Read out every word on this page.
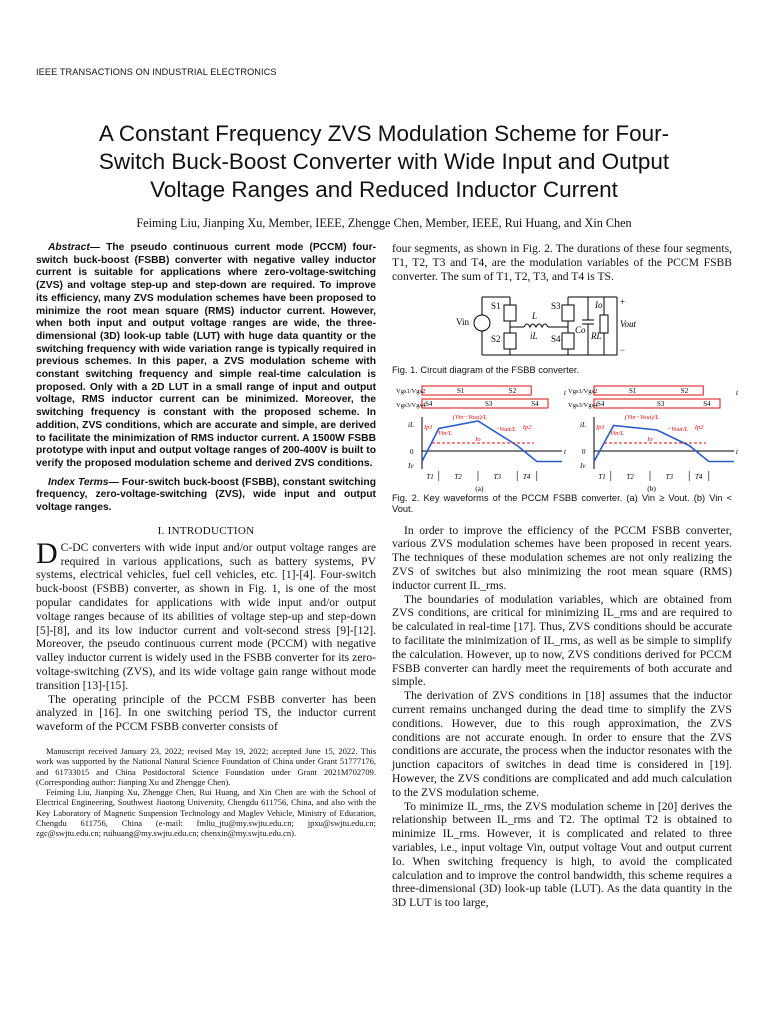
IEEE TRANSACTIONS ON INDUSTRIAL ELECTRONICS
A Constant Frequency ZVS Modulation Scheme for Four-
Switch Buck-Boost Converter with Wide Input and Output
Voltage Ranges and Reduced Inductor Current
Feiming Liu, Jianping Xu, Member, IEEE, Zhengge Chen, Member, IEEE, Rui Huang, and Xin Chen

Abstract— The pseudo continuous current mode (PCCM) four-switch buck-boost (FSBB) converter with negative valley inductor current is suitable for applications where zero-voltage-switching (ZVS) and voltage step-up and step-down are required. To improve its efficiency, many ZVS modulation schemes have been proposed to minimize the root mean square (RMS) inductor current. However, when both input and output voltage ranges are wide, the three-dimensional (3D) look-up table (LUT) with huge data quantity or the switching frequency with wide variation range is typically required in previous schemes. In this paper, a ZVS modulation scheme with constant switching frequency and simple real-time calculation is proposed. Only with a 2D LUT in a small range of input and output voltage, RMS inductor current can be minimized. Moreover, the switching frequency is constant with the proposed scheme. In addition, ZVS conditions, which are accurate and simple, are derived to facilitate the minimization of RMS inductor current. A 1500W FSBB prototype with input and output voltage ranges of 200-400V is built to verify the proposed modulation scheme and derived ZVS conditions.

Index Terms— Four-switch buck-boost (FSBB), constant switching frequency, zero-voltage-switching (ZVS), wide input and output voltage ranges.

I. INTRODUCTION

D C-DC converters with wide input and/or output voltage ranges are required in various applications, such as battery systems, PV systems, electrical vehicles, fuel cell vehicles, etc. [1]-[4]. Four-switch buck-boost (FSBB) converter, as shown in Fig. 1, is one of the most popular candidates for applications with wide input and/or output voltage ranges because of its abilities of voltage step-up and step-down [5]-[8], and its low inductor current and volt-second stress [9]-[12]. Moreover, the pseudo continuous current mode (PCCM) with negative valley inductor current is widely used in the FSBB converter for its zero-voltage-switching (ZVS), and its wide voltage gain range without mode transition [13]-[15].

The operating principle of the PCCM FSBB converter has been analyzed in [16]. In one switching period TS, the inductor current waveform of the PCCM FSBB converter consists of

Manuscript received January 23, 2022; revised May 19, 2022; accepted June 15, 2022. This work was supported by the National Natural Science Foundation of China under Grant 51777176, and 61733015 and China Postdoctoral Science Foundation under Grant 2021M702709. (Corresponding author: Jianping Xu and Zhengge Chen).

Feiming Liu, Jianping Xu, Zhengge Chen, Rui Huang, and Xin Chen are with the School of Electrical Engineering, Southwest Jiaotong University, Chengdu 611756, China, and also with the Key Laboratory of Magnetic Suspension Technology and Maglev Vehicle, Ministry of Education, Chengdu 611756, China (e-mail: fmliu_jtu@my.swjtu.edu.cn; jpxu@swjtu.edu.cn; zgc@swjtu.edu.cn; ruihuang@my.swjtu.edu.cn; chenxin@my.swjtu.edu.cn).

four segments, as shown in Fig. 2. The durations of these four segments, T1, T2, T3 and T4, are the modulation variables of the PCCM FSBB converter. The sum of T1, T2, T3, and T4 is TS.

Vin
S1
S2
S3
S4
L
iL
Io
Co
RL
Vout
+
−

Fig. 1. Circuit diagram of the FSBB converter.

Vgs1/Vgs2
Vgs3/Vgs4
S1	S2
S4	S3	S4
t
t
iL
0
Iv
Io
(Vin−Vout)/L
Vin/L
−Vout/L
Ip1	Ip2
T1	T2	T3	T4
(a)
Vgs1/Vgs2
Vgs3/Vgs4
S1	S2
S4	S3	S4
t
t
iL
0
Iv
Io
(Vin−Vout)/L
Vin/L
−Vout/L
Ip1	Ip2
T1	T2	T3	T4
(b)

Fig. 2. Key waveforms of the PCCM FSBB converter. (a) Vin ≥ Vout. (b) Vin < Vout.

In order to improve the efficiency of the PCCM FSBB converter, various ZVS modulation schemes have been proposed in recent years. The techniques of these modulation schemes are not only realizing the ZVS of switches but also minimizing the root mean square (RMS) inductor current IL_rms.

The boundaries of modulation variables, which are obtained from ZVS conditions, are critical for minimizing IL_rms and are required to be calculated in real-time [17]. Thus, ZVS conditions should be accurate to facilitate the minimization of IL_rms, as well as be simple to simplify the calculation. However, up to now, ZVS conditions derived for PCCM FSBB converter can hardly meet the requirements of both accurate and simple.

The derivation of ZVS conditions in [18] assumes that the inductor current remains unchanged during the dead time to simplify the ZVS conditions. However, due to this rough approximation, the ZVS conditions are not accurate enough. In order to ensure that the ZVS conditions are accurate, the process when the inductor resonates with the junction capacitors of switches in dead time is considered in [19]. However, the ZVS conditions are complicated and add much calculation to the ZVS modulation scheme.

To minimize IL_rms, the ZVS modulation scheme in [20] derives the relationship between IL_rms and T2. The optimal T2 is obtained to minimize IL_rms. However, it is complicated and related to three variables, i.e., input voltage Vin, output voltage Vout and output current Io. When switching frequency is high, to avoid the complicated calculation and to improve the control bandwidth, this scheme requires a three-dimensional (3D) look-up table (LUT). As the data quantity in the 3D LUT is too large,
